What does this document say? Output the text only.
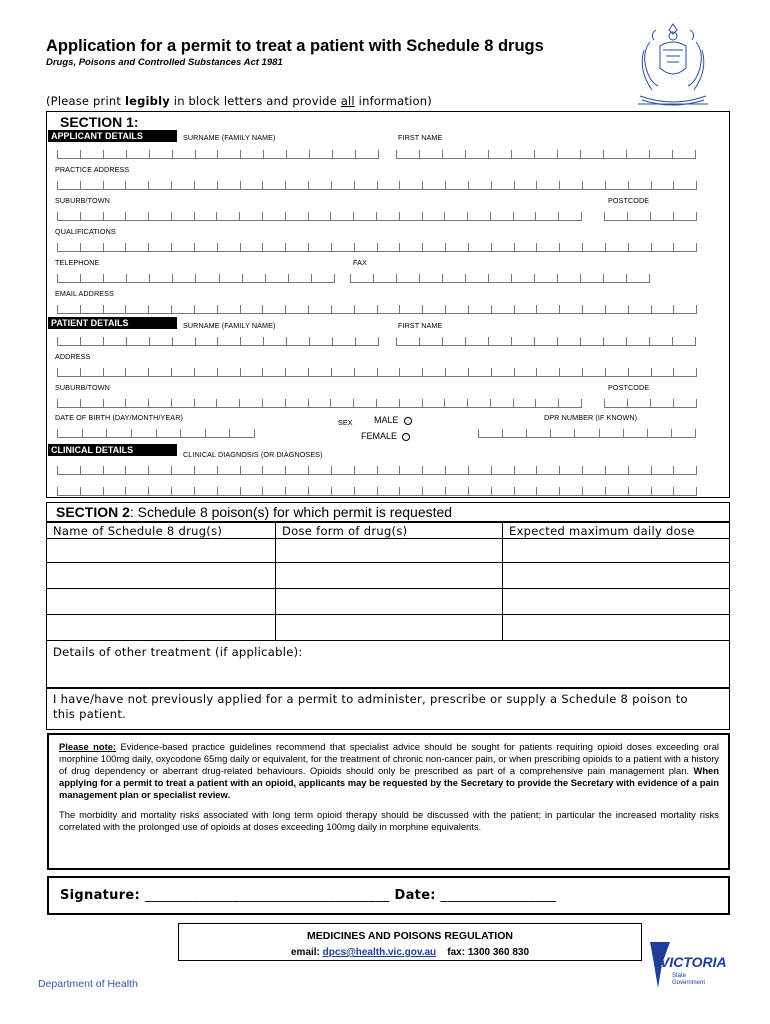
Application for a permit to treat a patient with Schedule 8 drugs
Drugs, Poisons and Controlled Substances Act 1981
(Please print legibly in block letters and provide all information)
SECTION 1:
APPLICANT DETAILS	SURNAME (FAMILY NAME)	FIRST NAME
PRACTICE ADDRESS
SUBURB/TOWN	POSTCODE
QUALIFICATIONS
TELEPHONE	FAX
EMAIL ADDRESS
PATIENT DETAILS	SURNAME (FAMILY NAME)	FIRST NAME
ADDRESS
SUBURB/TOWN	POSTCODE
DATE OF BIRTH (DAY/MONTH/YEAR)
SEX MALE
FEMALE
DPR NUMBER (IF KNOWN)
CLINICAL DETAILS	CLINICAL DIAGNOSIS (OR DIAGNOSES)
SECTION 2: Schedule 8 poison(s) for which permit is requested
Name of Schedule 8 drug(s)	Dose form of drug(s)	Expected maximum daily dose

Details of other treatment (if applicable):
I have/have not previously applied for a permit to administer, prescribe or supply a Schedule 8 poison to this patient.

Please note: Evidence-based practice guidelines recommend that specialist advice should be sought for patients requiring opioid doses exceeding oral morphine 100mg daily, oxycodone 65mg daily or equivalent, for the treatment of chronic non-cancer pain, or when prescribing opioids to a patient with a history of drug dependency or aberrant drug-related behaviours. Opioids should only be prescribed as part of a comprehensive pain management plan. When applying for a permit to treat a patient with an opioid, applicants may be requested by the Secretary to provide the Secretary with evidence of a pain management plan or specialist review.

The morbidity and mortality risks associated with long term opioid therapy should be discussed with the patient; in particular the increased mortality risks correlated with the prolonged use of opioids at doses exceeding 100mg daily in morphine equivalents.

Signature: ____________________________________ Date: _________________
MEDICINES AND POISONS REGULATION
email: dpcs@health.vic.gov.au fax: 1300 360 830
Department of Health
VICTORIA
State
Government
